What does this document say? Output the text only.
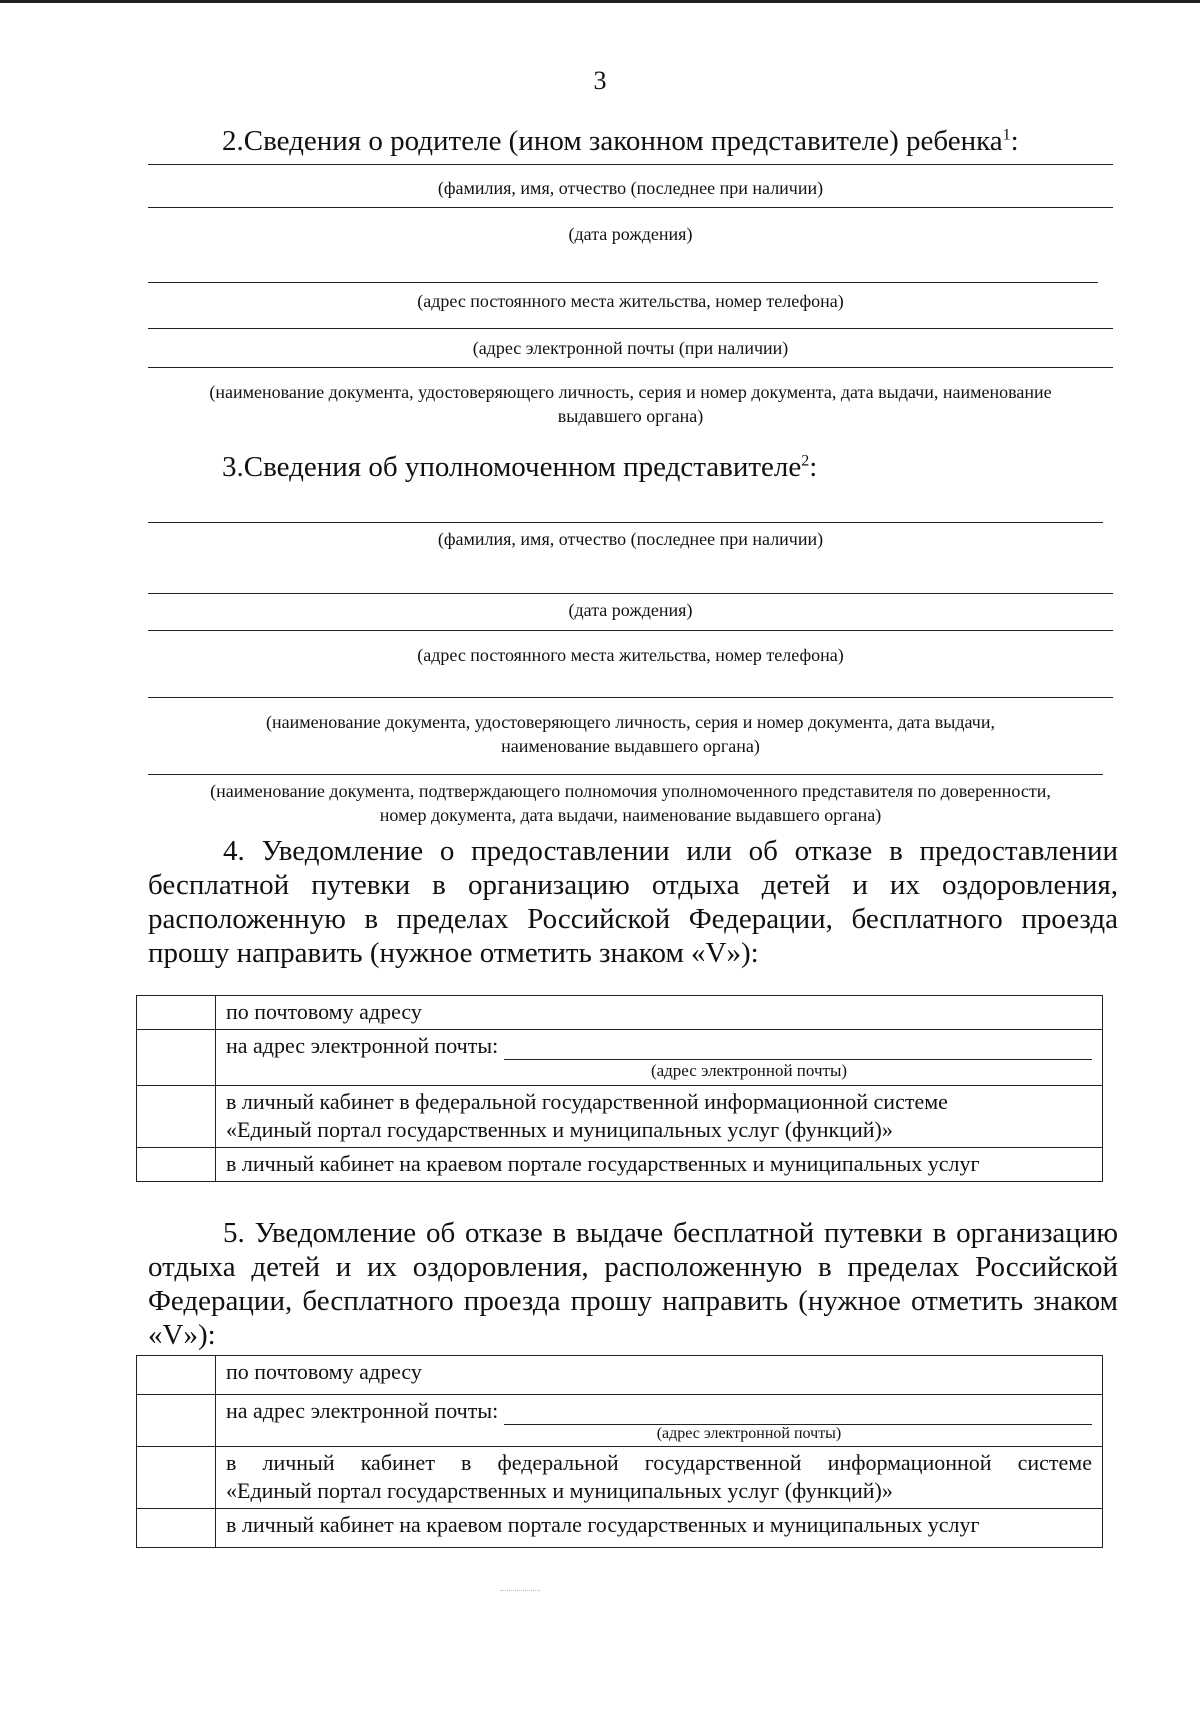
3
2.Сведения о родителе (ином законном представителе) ребенка$^1$:
(фамилия, имя, отчество (последнее при наличии)
(дата рождения)
(адрес постоянного места жительства, номер телефона)
(адрес электронной почты (при наличии)
(наименование документа, удостоверяющего личность, серия и номер документа, дата выдачи, наименование
выдавшего органа)
3.Сведения об уполномоченном представителе$^2$:
(фамилия, имя, отчество (последнее при наличии)
(дата рождения)
(адрес постоянного места жительства, номер телефона)
(наименование документа, удостоверяющего личность, серия и номер документа, дата выдачи,
наименование выдавшего органа)
(наименование документа, подтверждающего полномочия уполномоченного представителя по доверенности,
номер документа, дата выдачи, наименование выдавшего органа)

4. Уведомление о предоставлении или об отказе в предоставлении бесплатной путевки в организацию отдыха детей и их оздоровления, расположенную в пределах Российской Федерации, бесплатного проезда прошу направить (нужное отметить знаком «V»):

	по почтовому адресу

	на адрес электронной почты:
(адрес электронной почты)

	в личный кабинет в федеральной государственной информационной системе
«Единый портал государственных и муниципальных услуг (функций)»

	в личный кабинет на краевом портале государственных и муниципальных услуг

5. Уведомление об отказе в выдаче бесплатной путевки в организацию отдыха детей и их оздоровления, расположенную в пределах Российской Федерации, бесплатного проезда прошу направить (нужное отметить знаком «V»):

	по почтовому адресу

	на адрес электронной почты:
(адрес электронной почты)

	в личный кабинет в федеральной государственной информационной системе
«Единый портал государственных и муниципальных услуг (функций)»

	в личный кабинет на краевом портале государственных и муниципальных услуг
